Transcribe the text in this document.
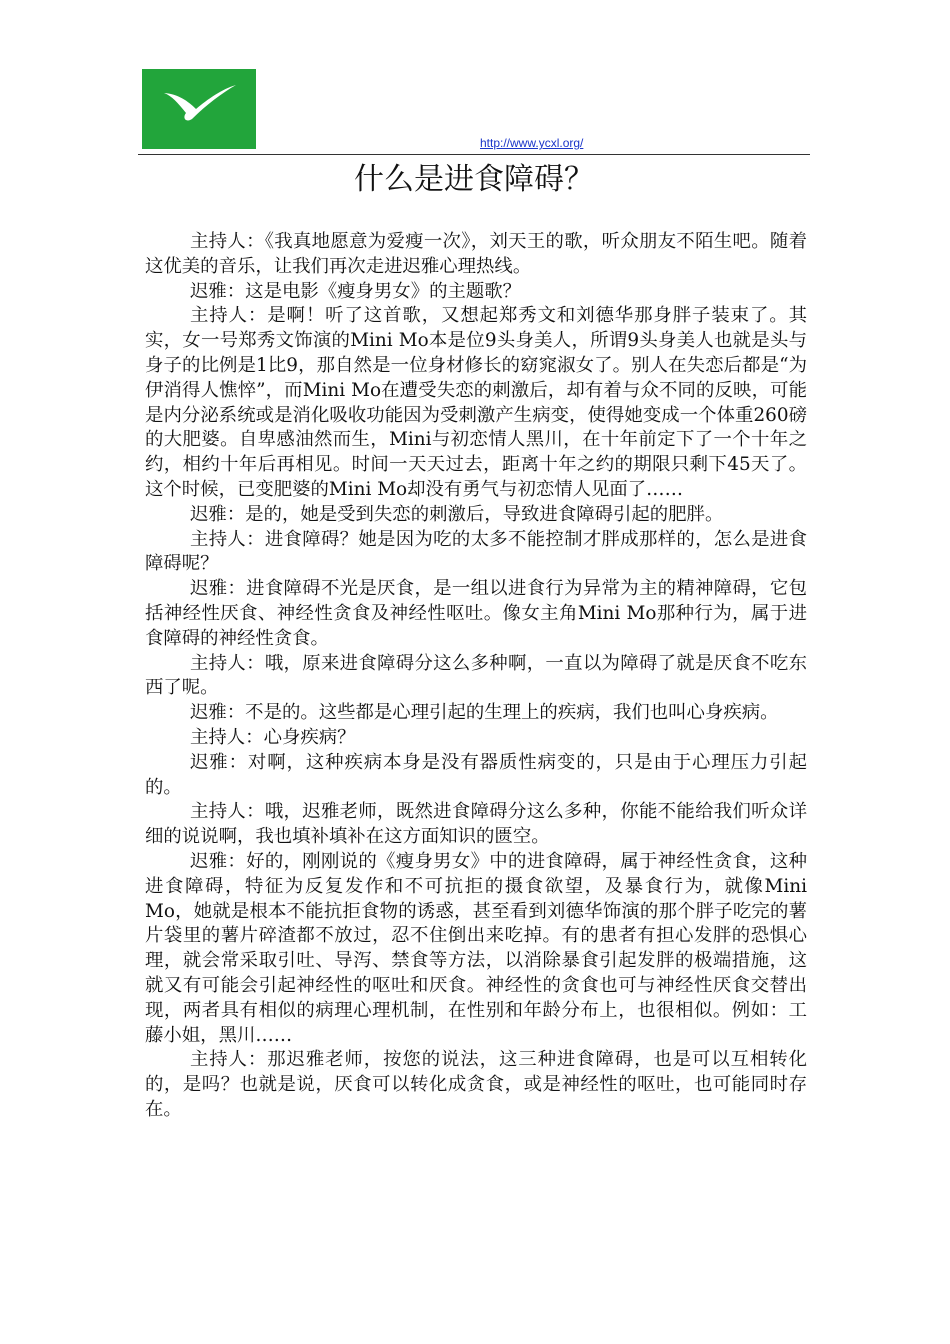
http://www.ycxl.org/
什么是进食障碍？

主持人：《我真地愿意为爱瘦一次》，刘天王的歌，听众朋友不陌生吧。随着这优美的音乐，让我们再次走进迟雅心理热线。

迟雅：这是电影《瘦身男女》的主题歌？

主持人：是啊！听了这首歌，又想起郑秀文和刘德华那身胖子装束了。其实，女一号郑秀文饰演的Mini Mo本是位9头身美人，所谓9头身美人也就是头与身子的比例是1比9，那自然是一位身材修长的窈窕淑女了。别人在失恋后都是“为伊消得人憔悴”，而Mini Mo在遭受失恋的刺激后，却有着与众不同的反映，可能是内分泌系统或是消化吸收功能因为受刺激产生病变，使得她变成一个体重260磅的大肥婆。自卑感油然而生，Mini与初恋情人黑川，在十年前定下了一个十年之约，相约十年后再相见。时间一天天过去，距离十年之约的期限只剩下45天了。这个时候，已变肥婆的Mini Mo却没有勇气与初恋情人见面了……

迟雅：是的，她是受到失恋的刺激后，导致进食障碍引起的肥胖。

主持人：进食障碍？她是因为吃的太多不能控制才胖成那样的，怎么是进食障碍呢？

迟雅：进食障碍不光是厌食，是一组以进食行为异常为主的精神障碍，它包括神经性厌食、神经性贪食及神经性呕吐。像女主角Mini Mo那种行为，属于进食障碍的神经性贪食。

主持人：哦，原来进食障碍分这么多种啊，一直以为障碍了就是厌食不吃东西了呢。

迟雅：不是的。这些都是心理引起的生理上的疾病，我们也叫心身疾病。

主持人：心身疾病？

迟雅：对啊，这种疾病本身是没有器质性病变的，只是由于心理压力引起的。

主持人：哦，迟雅老师，既然进食障碍分这么多种，你能不能给我们听众详细的说说啊，我也填补填补在这方面知识的匮空。

迟雅：好的，刚刚说的《瘦身男女》中的进食障碍，属于神经性贪食，这种进食障碍，特征为反复发作和不可抗拒的摄食欲望，及暴食行为，就像Mini Mo，她就是根本不能抗拒食物的诱惑，甚至看到刘德华饰演的那个胖子吃完的薯片袋里的薯片碎渣都不放过，忍不住倒出来吃掉。有的患者有担心发胖的恐惧心理，就会常采取引吐、导泻、禁食等方法，以消除暴食引起发胖的极端措施，这就又有可能会引起神经性的呕吐和厌食。神经性的贪食也可与神经性厌食交替出现，两者具有相似的病理心理机制，在性别和年龄分布上，也很相似。例如：工藤小姐，黑川……

主持人：那迟雅老师，按您的说法，这三种进食障碍，也是可以互相转化的，是吗？也就是说，厌食可以转化成贪食，或是神经性的呕吐，也可能同时存在。
